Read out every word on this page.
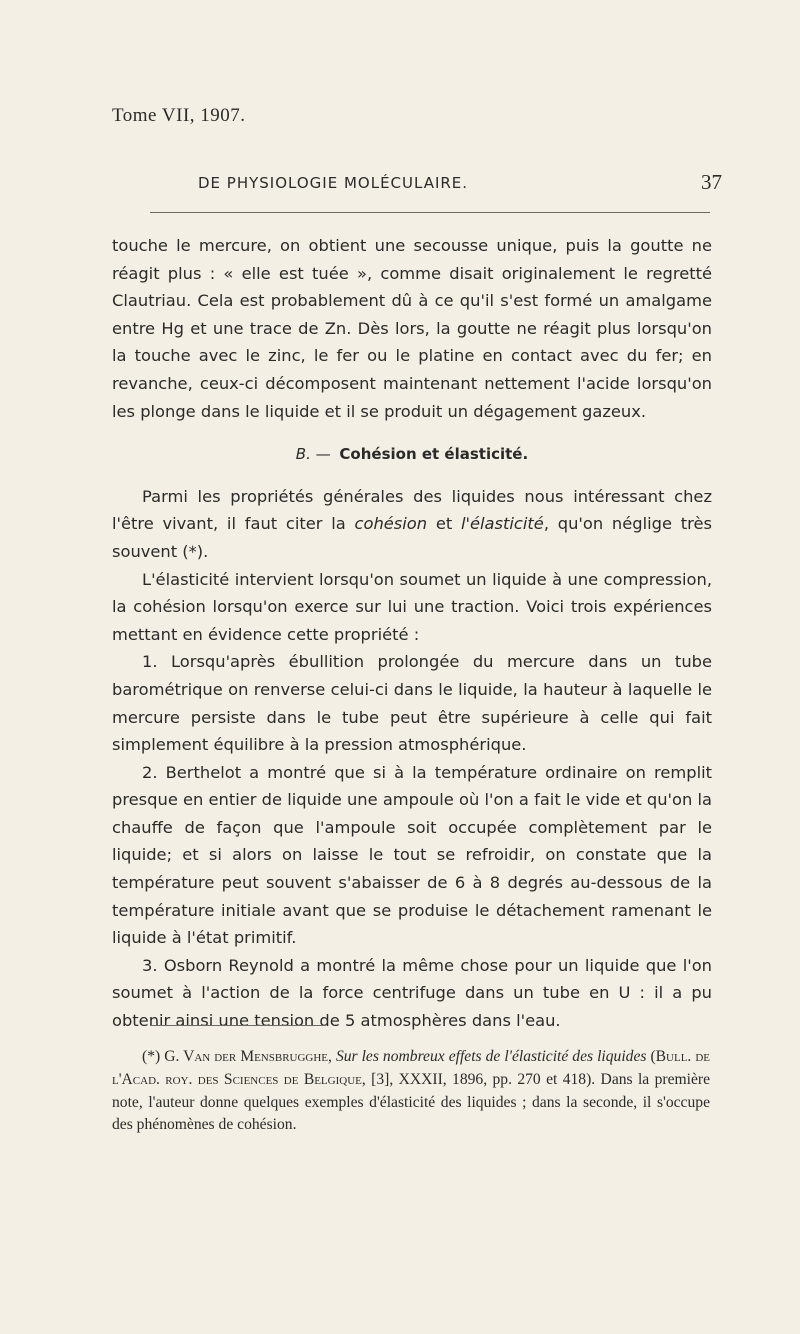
Tome VII, 1907.
DE PHYSIOLOGIE MOLÉCULAIRE.	37

touche le mercure, on obtient une secousse unique, puis la goutte ne réagit plus : « elle est tuée », comme disait originalement le regretté Clautriau. Cela est probablement dû à ce qu'il s'est formé un amalgame entre Hg et une trace de Zn. Dès lors, la goutte ne réagit plus lorsqu'on la touche avec le zinc, le fer ou le platine en contact avec du fer; en revanche, ceux-ci décomposent maintenant nettement l'acide lorsqu'on les plonge dans le liquide et il se produit un dégagement gazeux.

B. — Cohésion et élasticité.

Parmi les propriétés générales des liquides nous intéressant chez l'être vivant, il faut citer la cohésion et l'élasticité, qu'on néglige très souvent (*).

L'élasticité intervient lorsqu'on soumet un liquide à une compression, la cohésion lorsqu'on exerce sur lui une traction. Voici trois expériences mettant en évidence cette propriété :

1. Lorsqu'après ébullition prolongée du mercure dans un tube barométrique on renverse celui-ci dans le liquide, la hauteur à laquelle le mercure persiste dans le tube peut être supérieure à celle qui fait simplement équilibre à la pression atmosphérique.

2. Berthelot a montré que si à la température ordinaire on remplit presque en entier de liquide une ampoule où l'on a fait le vide et qu'on la chauffe de façon que l'ampoule soit occupée complètement par le liquide; et si alors on laisse le tout se refroidir, on constate que la température peut souvent s'abaisser de 6 à 8 degrés au-dessous de la température initiale avant que se produise le détachement ramenant le liquide à l'état primitif.

3. Osborn Reynold a montré la même chose pour un liquide que l'on soumet à l'action de la force centrifuge dans un tube en U : il a pu obtenir ainsi une tension de 5 atmosphères dans l'eau.

(*) G. Van der Mensbrugghe, Sur les nombreux effets de l'élasticité des liquides (Bull. de l'Acad. roy. des Sciences de Belgique, [3], XXXII, 1896, pp. 270 et 418). Dans la première note, l'auteur donne quelques exemples d'élasticité des liquides ; dans la seconde, il s'occupe des phénomènes de cohésion.
